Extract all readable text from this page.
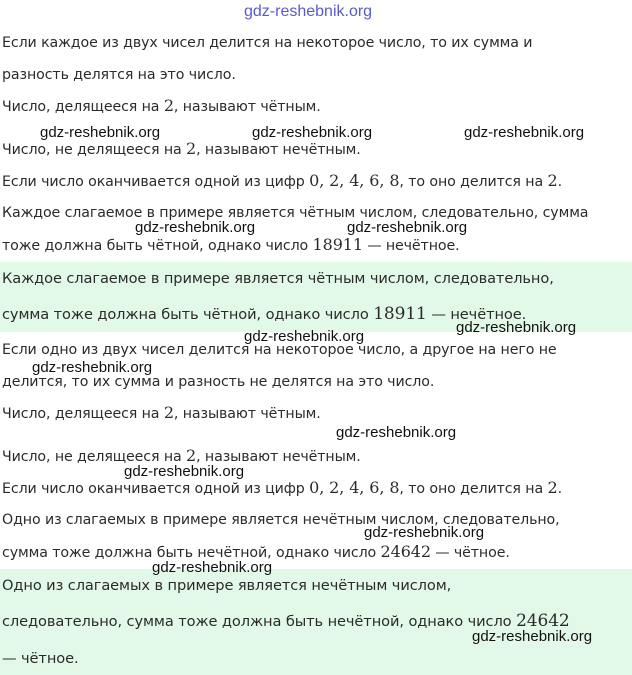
Если каждое из двух чисел делится на некоторое число, то их сумма и
разность делятся на это число.
Число, делящееся на 2, называют чётным.
Число, не делящееся на 2, называют нечётным.
Если число оканчивается одной из цифр 0, 2, 4, 6, 8, то оно делится на 2.
Каждое слагаемое в примере является чётным числом, следовательно, сумма
тоже должна быть чётной, однако число 18911 — нечётное.
Каждое слагаемое в примере является чётным числом, следовательно,
сумма тоже должна быть чётной, однако число 18911 — нечётное.
Если одно из двух чисел делится на некоторое число, а другое на него не
делится, то их сумма и разность не делятся на это число.
Число, делящееся на 2, называют чётным.
Число, не делящееся на 2, называют нечётным.
Если число оканчивается одной из цифр 0, 2, 4, 6, 8, то оно делится на 2.
Одно из слагаемых в примере является нечётным числом, следовательно,
сумма тоже должна быть нечётной, однако число 24642 — чётное.
Одно из слагаемых в примере является нечётным числом,
следовательно, сумма тоже должна быть нечётной, однако число 24642
— чётное.
gdz-reshebnik.org
gdz-reshebnik.org	gdz-reshebnik.org	gdz-reshebnik.org
gdz-reshebnik.org	gdz-reshebnik.org
gdz-reshebnik.org
gdz-reshebnik.org
gdz-reshebnik.org
gdz-reshebnik.org
gdz-reshebnik.org
gdz-reshebnik.org
gdz-reshebnik.org
gdz-reshebnik.org
